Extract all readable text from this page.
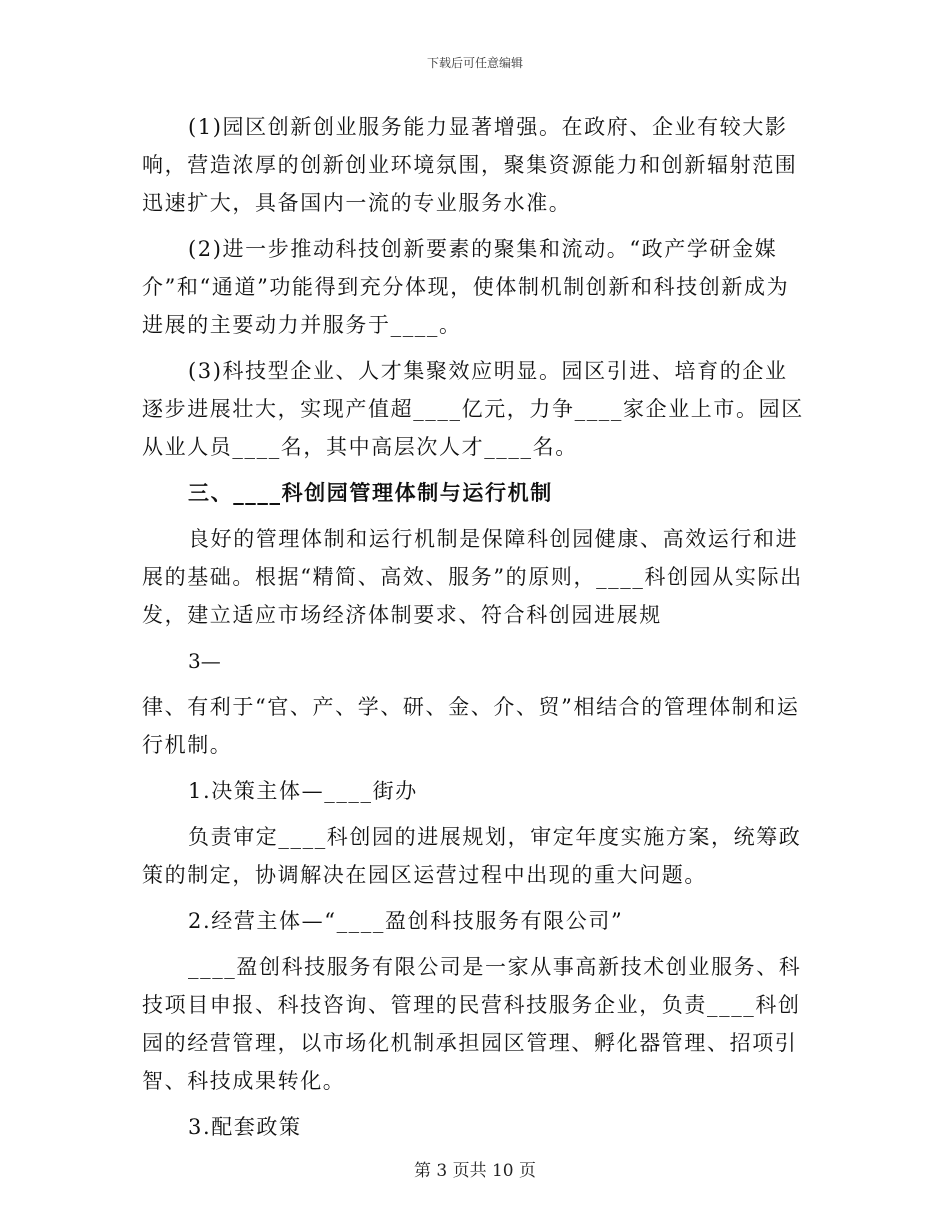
下载后可任意编辑

(1)园区创新创业服务能力显著增强。在政府、企业有较大影响，营造浓厚的创新创业环境氛围，聚集资源能力和创新辐射范围迅速扩大，具备国内一流的专业服务水准。

(2)进一步推动科技创新要素的聚集和流动。“政产学研金媒介”和“通道”功能得到充分体现，使体制机制创新和科技创新成为进展的主要动力并服务于____。

(3)科技型企业、人才集聚效应明显。园区引进、培育的企业逐步进展壮大，实现产值超____亿元，力争____家企业上市。园区从业人员____名，其中高层次人才____名。

三、____科创园管理体制与运行机制

良好的管理体制和运行机制是保障科创园健康、高效运行和进展的基础。根据“精简、高效、服务”的原则，____科创园从实际出发，建立适应市场经济体制要求、符合科创园进展规

3—

律、有利于“官、产、学、研、金、介、贸”相结合的管理体制和运行机制。

1.决策主体—____街办

负责审定____科创园的进展规划，审定年度实施方案，统筹政策的制定，协调解决在园区运营过程中出现的重大问题。

2.经营主体—“____盈创科技服务有限公司”

____盈创科技服务有限公司是一家从事高新技术创业服务、科技项目申报、科技咨询、管理的民营科技服务企业，负责____科创园的经营管理，以市场化机制承担园区管理、孵化器管理、招项引智、科技成果转化。

3.配套政策

第 3 页共 10 页
